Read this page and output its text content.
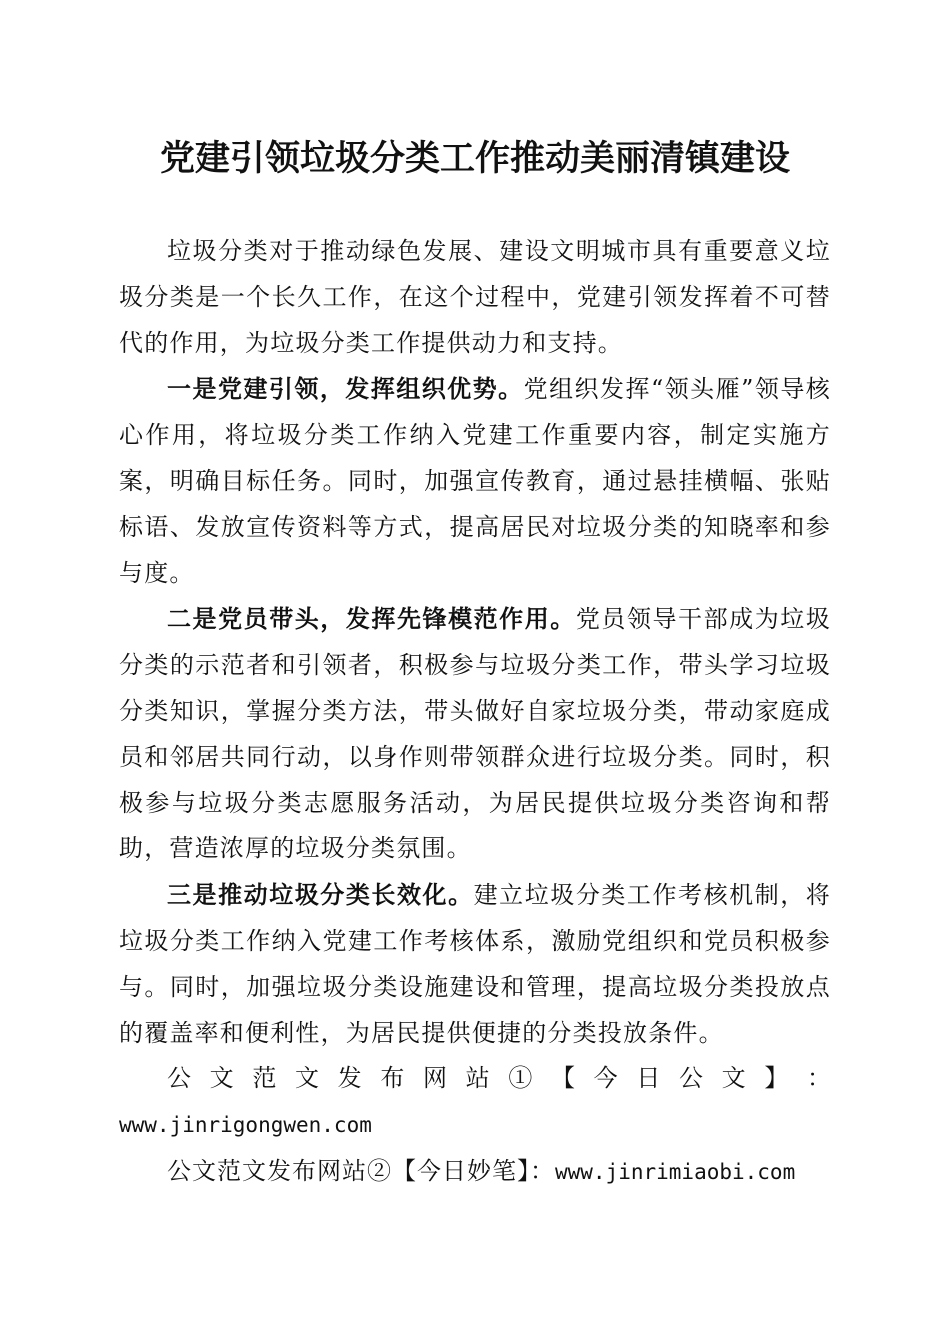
党建引领垃圾分类工作推动美丽清镇建设

垃圾分类对于推动绿色发展、建设文明城市具有重要意义垃圾分类是一个长久工作，在这个过程中，党建引领发挥着不可替代的作用，为垃圾分类工作提供动力和支持。

一是党建引领，发挥组织优势。党组织发挥“领头雁”领导核心作用，将垃圾分类工作纳入党建工作重要内容，制定实施方案，明确目标任务。同时，加强宣传教育，通过悬挂横幅、张贴标语、发放宣传资料等方式，提高居民对垃圾分类的知晓率和参与度。

二是党员带头，发挥先锋模范作用。党员领导干部成为垃圾分类的示范者和引领者，积极参与垃圾分类工作，带头学习垃圾分类知识，掌握分类方法，带头做好自家垃圾分类，带动家庭成员和邻居共同行动，以身作则带领群众进行垃圾分类。同时，积极参与垃圾分类志愿服务活动，为居民提供垃圾分类咨询和帮助，营造浓厚的垃圾分类氛围。

三是推动垃圾分类长效化。建立垃圾分类工作考核机制，将垃圾分类工作纳入党建工作考核体系，激励党组织和党员积极参与。同时，加强垃圾分类设施建设和管理，提高垃圾分类投放点的覆盖率和便利性，为居民提供便捷的分类投放条件。

公 文 范 文 发 布 网 站 ① 【 今 日 公 文 】 ：

www.jinrigongwen.com

公文范文发布网站②【今日妙笔】：www.jinrimiaobi.com
